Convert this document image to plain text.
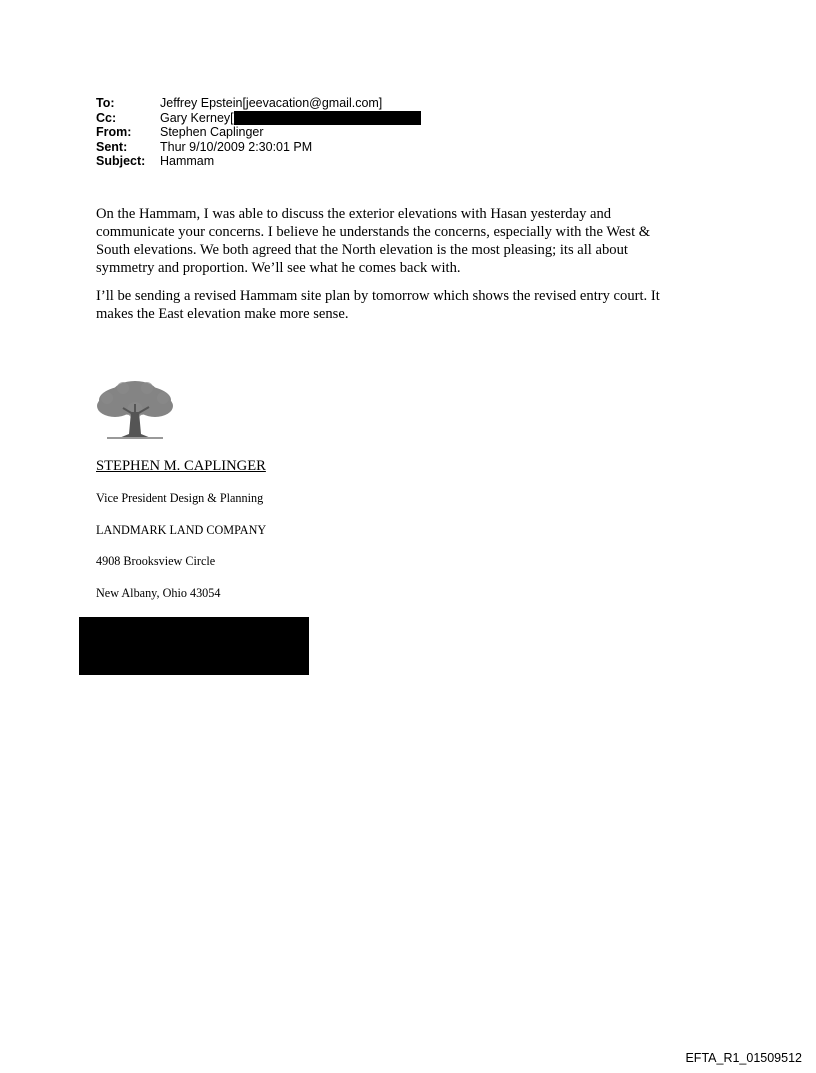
To:	Jeffrey Epstein[jeevacation@gmail.com]
Cc:	Gary Kerney[
From:	Stephen Caplinger
Sent:	Thur 9/10/2009 2:30:01 PM
Subject:	Hammam

On the Hammam, I was able to discuss the exterior elevations with Hasan yesterday and
communicate your concerns. I believe he understands the concerns, especially with the West &
South elevations. We both agreed that the North elevation is the most pleasing; its all about
symmetry and proportion. We’ll see what he comes back with.

I’ll be sending a revised Hammam site plan by tomorrow which shows the revised entry court. It
makes the East elevation make more sense.

STEPHEN M. CAPLINGER
Vice President Design & Planning
LANDMARK LAND COMPANY
4908 Brooksview Circle
New Albany, Ohio 43054
EFTA_R1_01509512
